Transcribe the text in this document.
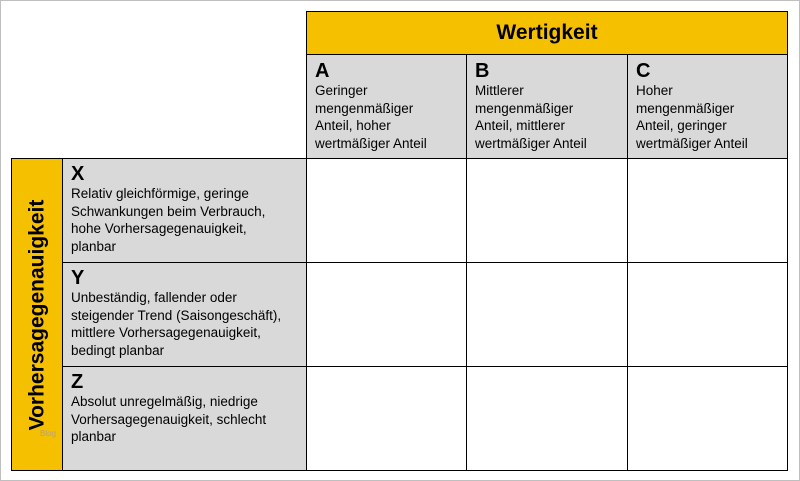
Wertigkeit
A
Geringer
mengenmäßiger
Anteil, hoher
wertmäßiger Anteil
B
Mittlerer
mengenmäßiger
Anteil, mittlerer
wertmäßiger Anteil
C
Hoher
mengenmäßiger
Anteil, geringer
wertmäßiger Anteil
Vorhersagegenauigkeit
Blog
X
Relativ gleichförmige, geringe
Schwankungen beim Verbrauch,
hohe Vorhersagegenauigkeit,
planbar
Y
Unbeständig, fallender oder
steigender Trend (Saisongeschäft),
mittlere Vorhersagegenauigkeit,
bedingt planbar
Z
Absolut unregelmäßig, niedrige
Vorhersagegenauigkeit, schlecht
planbar
